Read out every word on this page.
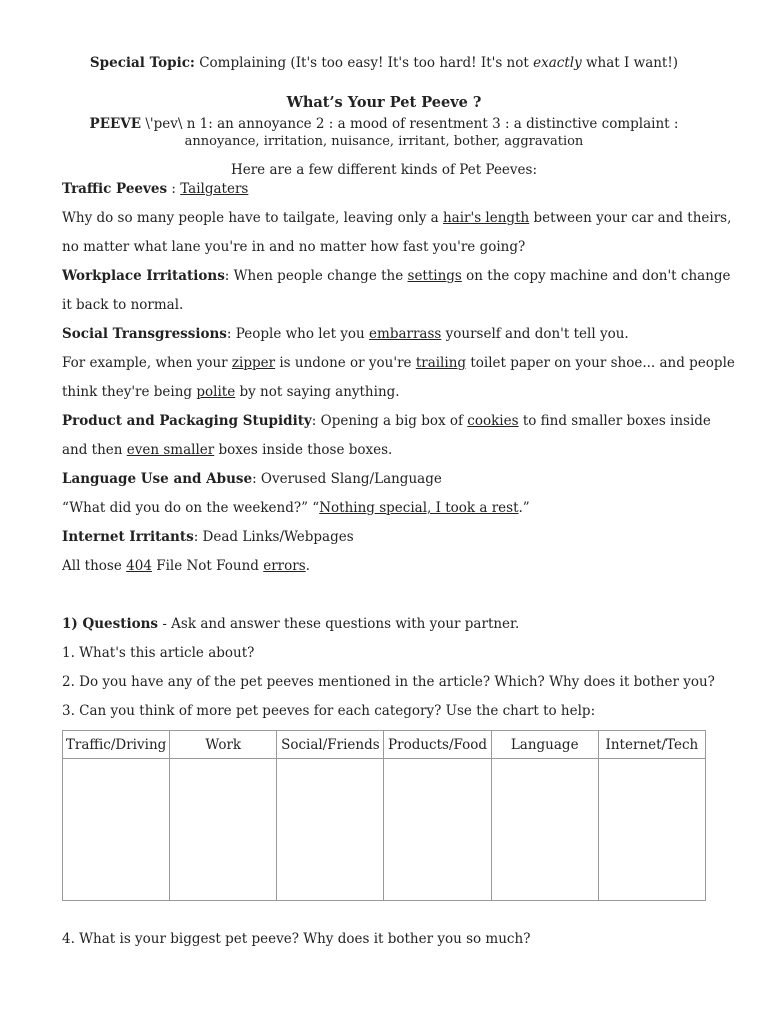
Special Topic: Complaining (It's too easy! It's too hard! It's not exactly what I want!)
What’s Your Pet Peeve ?
PEEVE \'pev\ n 1: an annoyance 2 : a mood of resentment 3 : a distinctive complaint :
annoyance, irritation, nuisance, irritant, bother, aggravation
Here are a few different kinds of Pet Peeves:
Traffic Peeves : Tailgaters
Why do so many people have to tailgate, leaving only a hair's length between your car and theirs,
no matter what lane you're in and no matter how fast you're going?
Workplace Irritations: When people change the settings on the copy machine and don't change
it back to normal.
Social Transgressions: People who let you embarrass yourself and don't tell you.
For example, when your zipper is undone or you're trailing toilet paper on your shoe... and people
think they're being polite by not saying anything.
Product and Packaging Stupidity: Opening a big box of cookies to find smaller boxes inside
and then even smaller boxes inside those boxes.
Language Use and Abuse: Overused Slang/Language
“What did you do on the weekend?” “Nothing special, I took a rest.”
Internet Irritants: Dead Links/Webpages
All those 404 File Not Found errors.
1) Questions - Ask and answer these questions with your partner.
1. What's this article about?
2. Do you have any of the pet peeves mentioned in the article? Which? Why does it bother you?
3. Can you think of more pet peeves for each category? Use the chart to help:
Traffic/Driving	Work	Social/Friends	Products/Food	Language	Internet/Tech

4. What is your biggest pet peeve? Why does it bother you so much?
